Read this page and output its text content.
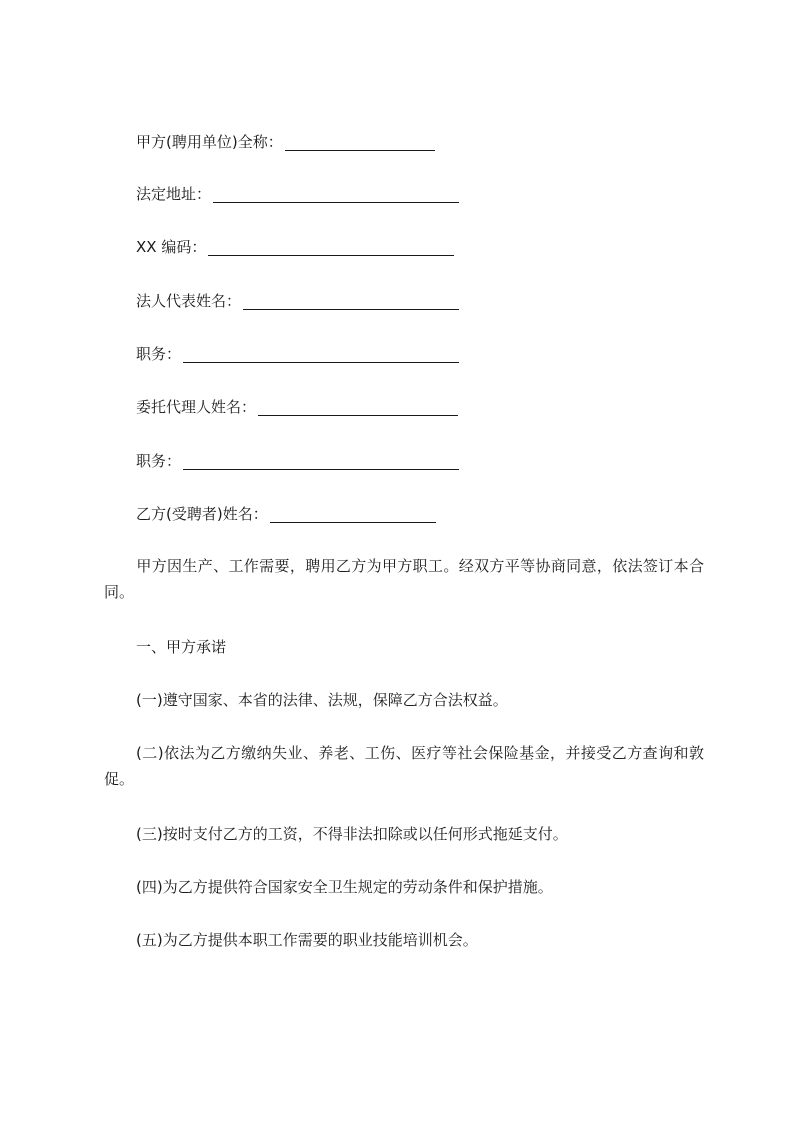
甲方(聘用单位)全称：
法定地址：
XX 编码：
法人代表姓名：
职务：
委托代理人姓名：
职务：
乙方(受聘者)姓名：
甲方因生产、工作需要，聘用乙方为甲方职工。经双方平等协商同意，依法签订本合同。
一、甲方承诺
(一)遵守国家、本省的法律、法规，保障乙方合法权益。
(二)依法为乙方缴纳失业、养老、工伤、医疗等社会保险基金，并接受乙方查询和敦促。
(三)按时支付乙方的工资，不得非法扣除或以任何形式拖延支付。
(四)为乙方提供符合国家安全卫生规定的劳动条件和保护措施。
(五)为乙方提供本职工作需要的职业技能培训机会。
